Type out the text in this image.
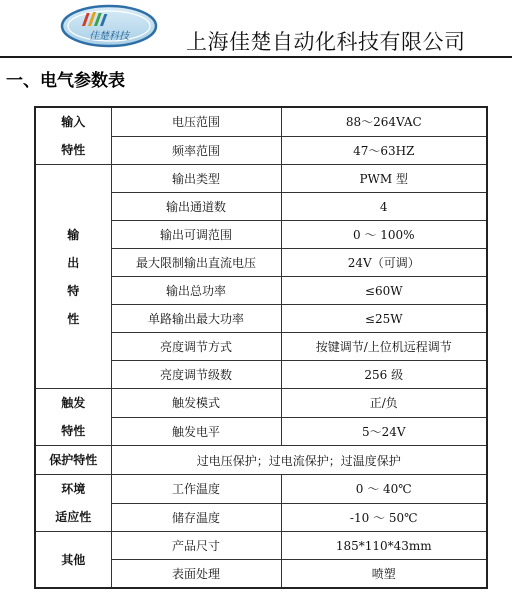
佳楚科技	上海佳楚自动化科技有限公司
一、电气参数表
输入
特性	电压范围	88～264VAC
	频率范围	47～63HZ

输
出
特
性	输出类型	PWM 型
	输出通道数	4
	输出可调范围	0 ～ 100%
	最大限制输出直流电压	24V（可调）
	输出总功率	≤60W
	单路输出最大功率	≤25W
	亮度调节方式	按键调节/上位机远程调节
	亮度调节级数	256 级

触发
特性	触发模式	正/负
	触发电平	5～24V

保护特性	过电压保护；过电流保护；过温度保护	

环境
适应性	工作温度	0 ～ 40℃
	储存温度	-10 ～ 50℃

其他	产品尺寸	185*110*43mm
	表面处理	喷塑
